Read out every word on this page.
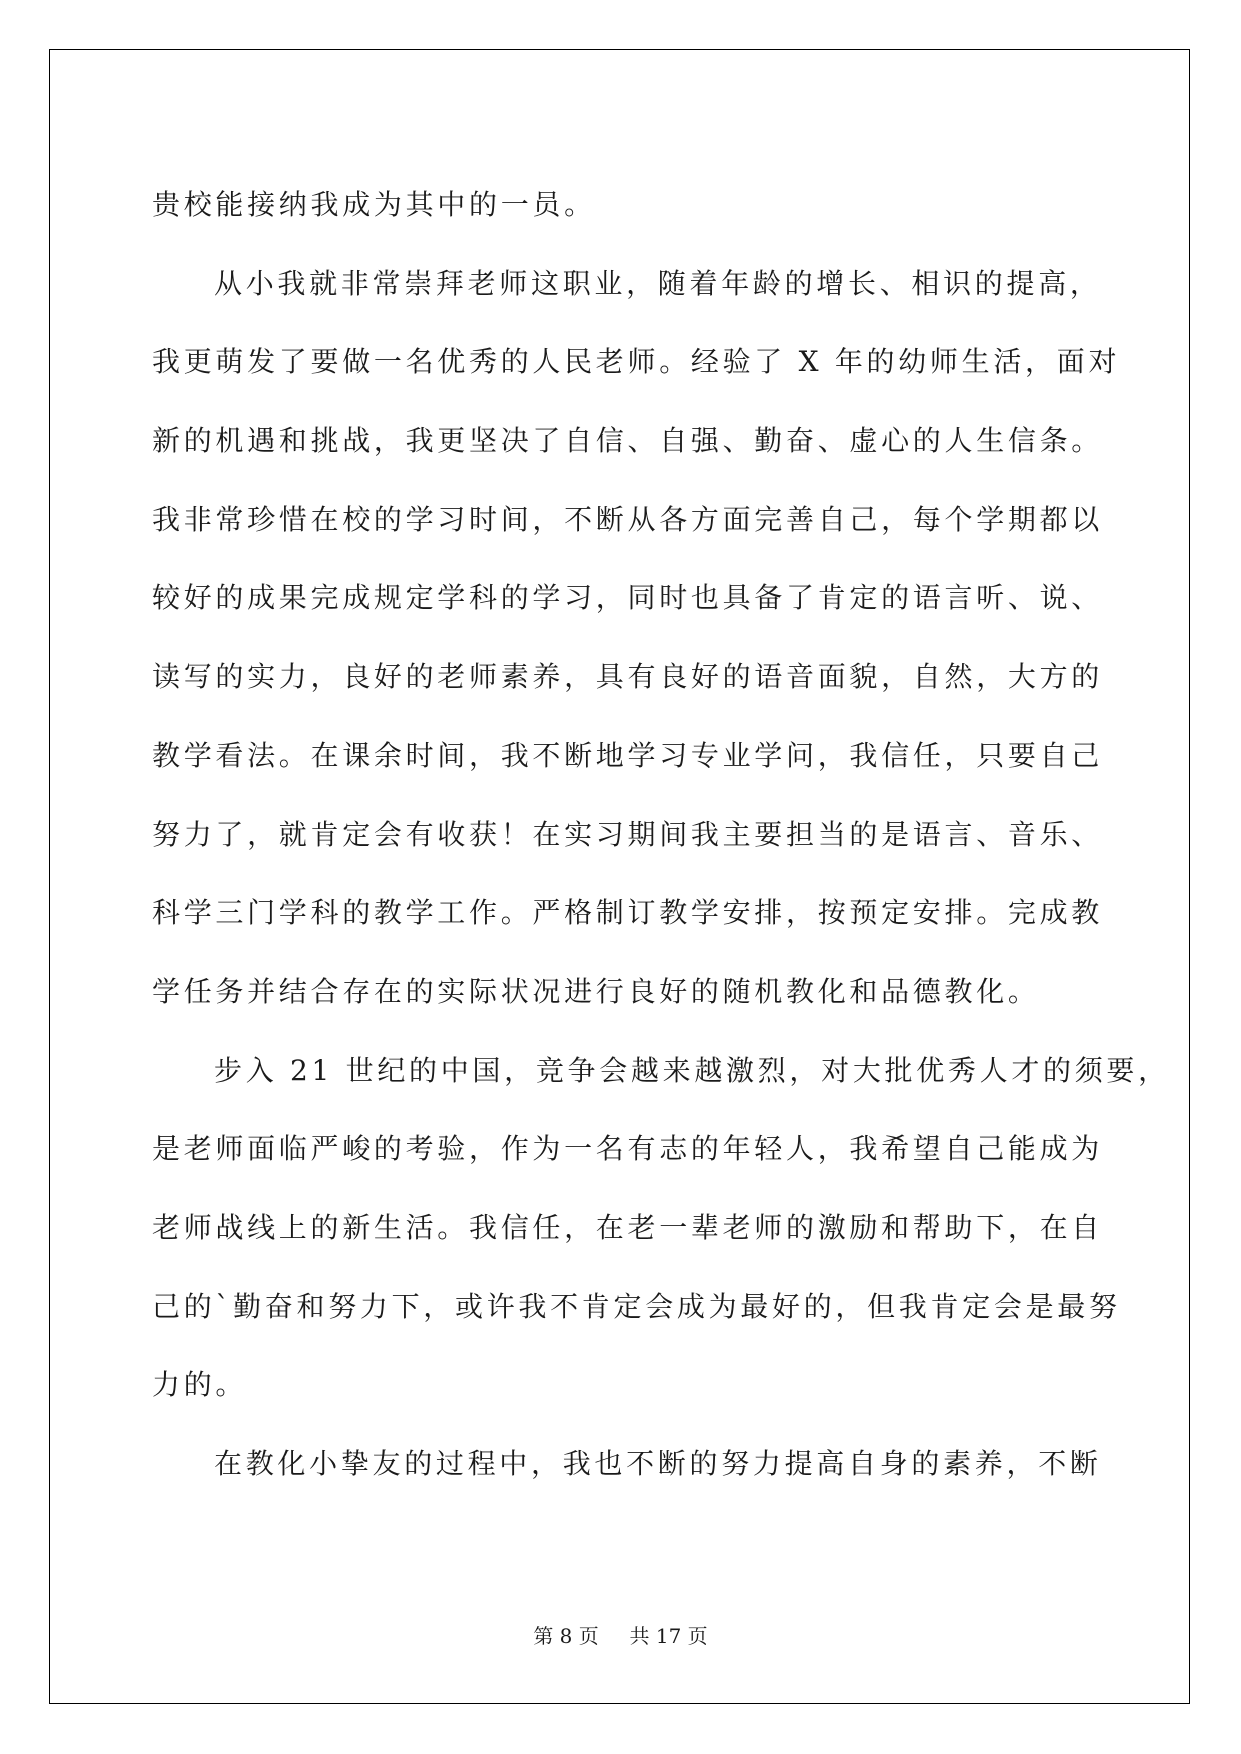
贵校能接纳我成为其中的一员。
从小我就非常崇拜老师这职业，随着年龄的增长、相识的提高，
我更萌发了要做一名优秀的人民老师。经验了 X 年的幼师生活，面对
新的机遇和挑战，我更坚决了自信、自强、勤奋、虚心的人生信条。
我非常珍惜在校的学习时间，不断从各方面完善自己，每个学期都以
较好的成果完成规定学科的学习，同时也具备了肯定的语言听、说、
读写的实力，良好的老师素养，具有良好的语音面貌，自然，大方的
教学看法。在课余时间，我不断地学习专业学问，我信任，只要自己
努力了，就肯定会有收获！在实习期间我主要担当的是语言、音乐、
科学三门学科的教学工作。严格制订教学安排，按预定安排。完成教
学任务并结合存在的实际状况进行良好的随机教化和品德教化。
步入 21 世纪的中国，竞争会越来越激烈，对大批优秀人才的须要，
是老师面临严峻的考验，作为一名有志的年轻人，我希望自己能成为
老师战线上的新生活。我信任，在老一辈老师的激励和帮助下，在自
己的`勤奋和努力下，或许我不肯定会成为最好的，但我肯定会是最努
力的。
在教化小挚友的过程中，我也不断的努力提高自身的素养，不断
第 8 页 共 17 页
